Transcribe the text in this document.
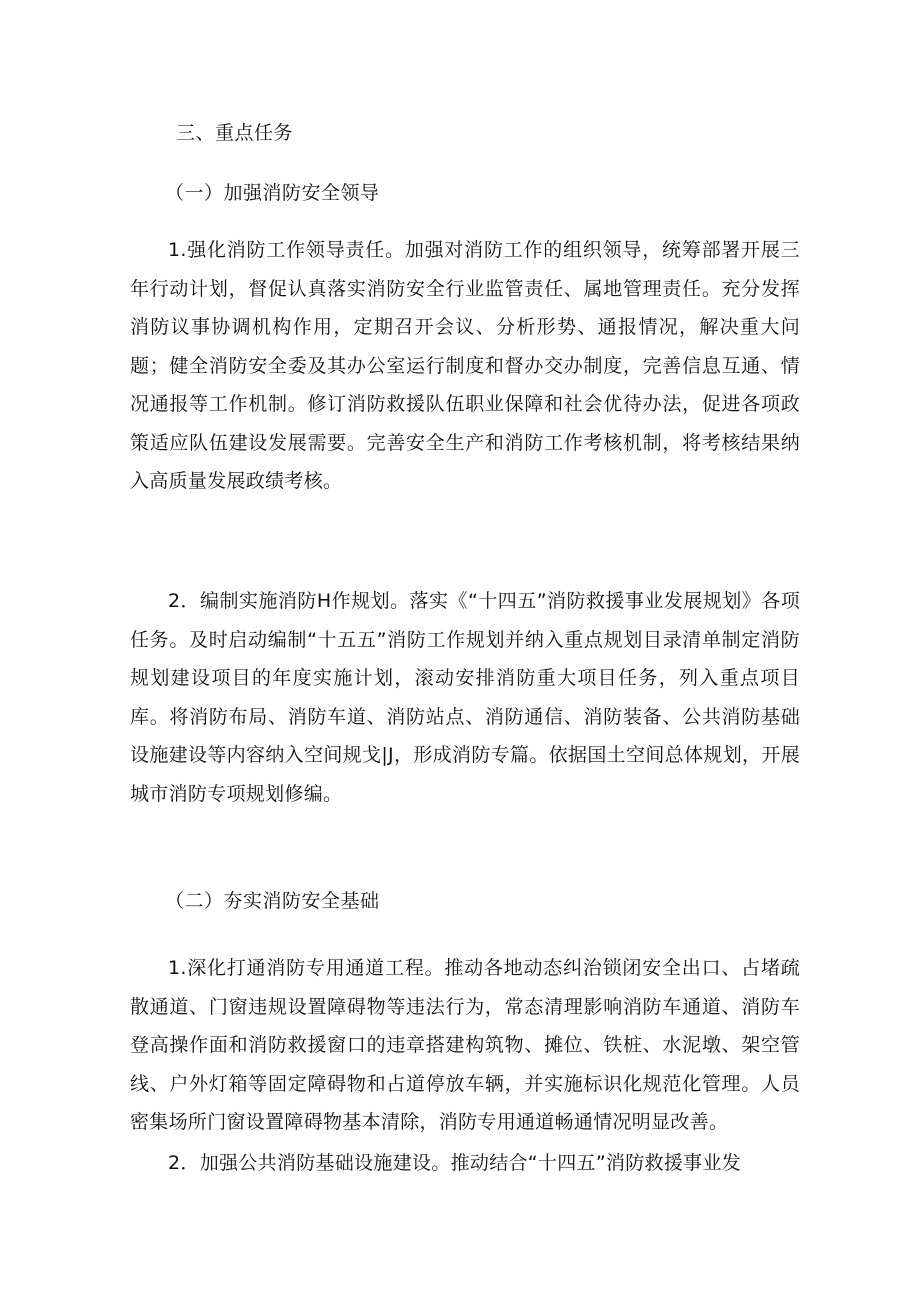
三、重点任务
（一）加强消防安全领导

1.强化消防工作领导责任。加强对消防工作的组织领导，统筹部署开展三年行动计划，督促认真落实消防安全行业监管责任、属地管理责任。充分发挥消防议事协调机构作用，定期召开会议、分析形势、通报情况，解决重大问题；健全消防安全委及其办公室运行制度和督办交办制度，完善信息互通、情况通报等工作机制。修订消防救援队伍职业保障和社会优待办法，促进各项政策适应队伍建设发展需要。完善安全生产和消防工作考核机制，将考核结果纳入高质量发展政绩考核。

2．编制实施消防H作规划。落实《“十四五”消防救援事业发展规划》各项任务。及时启动编制“十五五”消防工作规划并纳入重点规划目录清单制定消防规划建设项目的年度实施计划，滚动安排消防重大项目任务，列入重点项目库。将消防布局、消防车道、消防站点、消防通信、消防装备、公共消防基础设施建设等内容纳入空间规戈|J，形成消防专篇。依据国土空间总体规划，开展城市消防专项规划修编。

（二）夯实消防安全基础

1.深化打通消防专用通道工程。推动各地动态纠治锁闭安全出口、占堵疏散通道、门窗违规设置障碍物等违法行为，常态清理影响消防车通道、消防车登高操作面和消防救援窗口的违章搭建构筑物、摊位、铁桩、水泥墩、架空管线、户外灯箱等固定障碍物和占道停放车辆，并实施标识化规范化管理。人员密集场所门窗设置障碍物基本清除，消防专用通道畅通情况明显改善。

2．加强公共消防基础设施建设。推动结合“十四五”消防救援事业发
